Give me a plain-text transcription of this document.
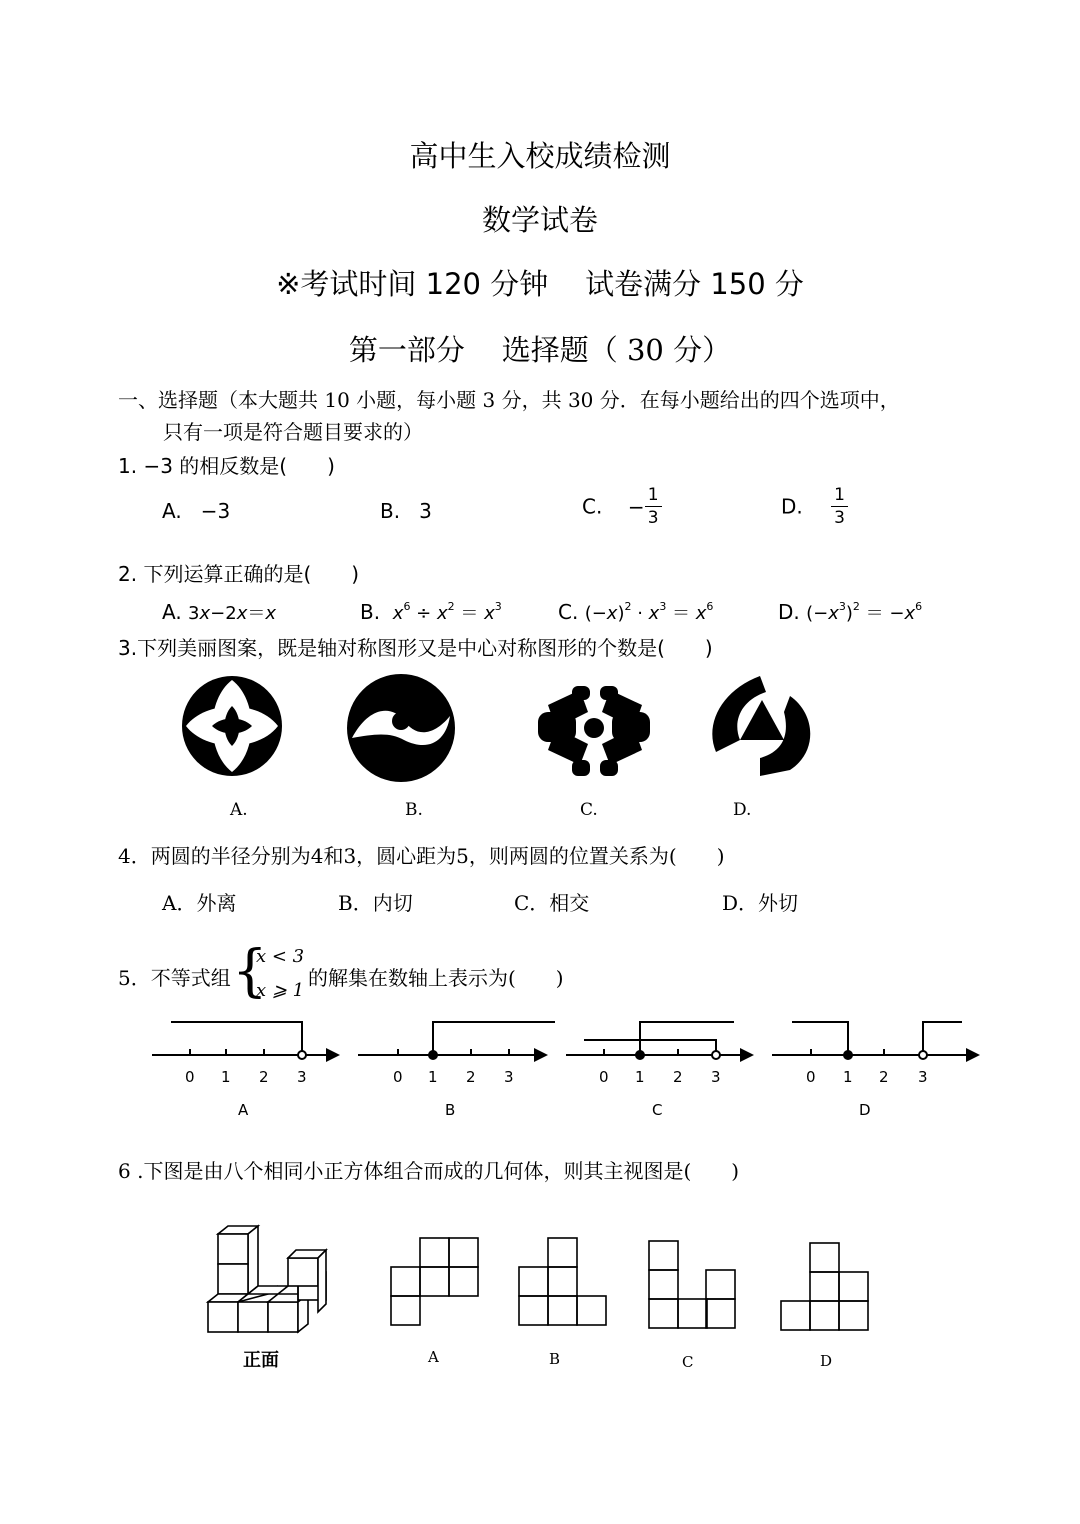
高中生入校成绩检测
数学试卷
※考试时间 120 分钟    试卷满分 150 分
第一部分    选择题（ 30 分）
一、选择题（本大题共 10 小题，每小题 3 分，共 30 分．在每小题给出的四个选项中，
只有一项是符合题目要求的）
1. −3 的相反数是(　　)
A. −3	B. 3	C. − $\frac{1}{3}$	D. $\frac{1}{3}$
2. 下列运算正确的是(　　)
A. 3x−2x＝x	B. $x^6 \div x^2 = x^3$	C. $(-x)^2 \cdot x^3 = x^6$	D. $(-x^3)^2 = -x^6$
3.下列美丽图案，既是轴对称图形又是中心对称图形的个数是(　　)
A.	B.	C.	D.
4．两圆的半径分别为4和3，圆心距为5，则两圆的位置关系为(　　)
A．外离	B．内切	C．相交	D．外切
5．不等式组 {
x < 3
x ⩾ 1
的解集在数轴上表示为(　　)
0 1 2 3	0 1 2 3	0 1 2 3	0 1 2 3
A	B	C	D
6 .下图是由八个相同小正方体组合而成的几何体，则其主视图是(　　)
正面	A	B	C	D
